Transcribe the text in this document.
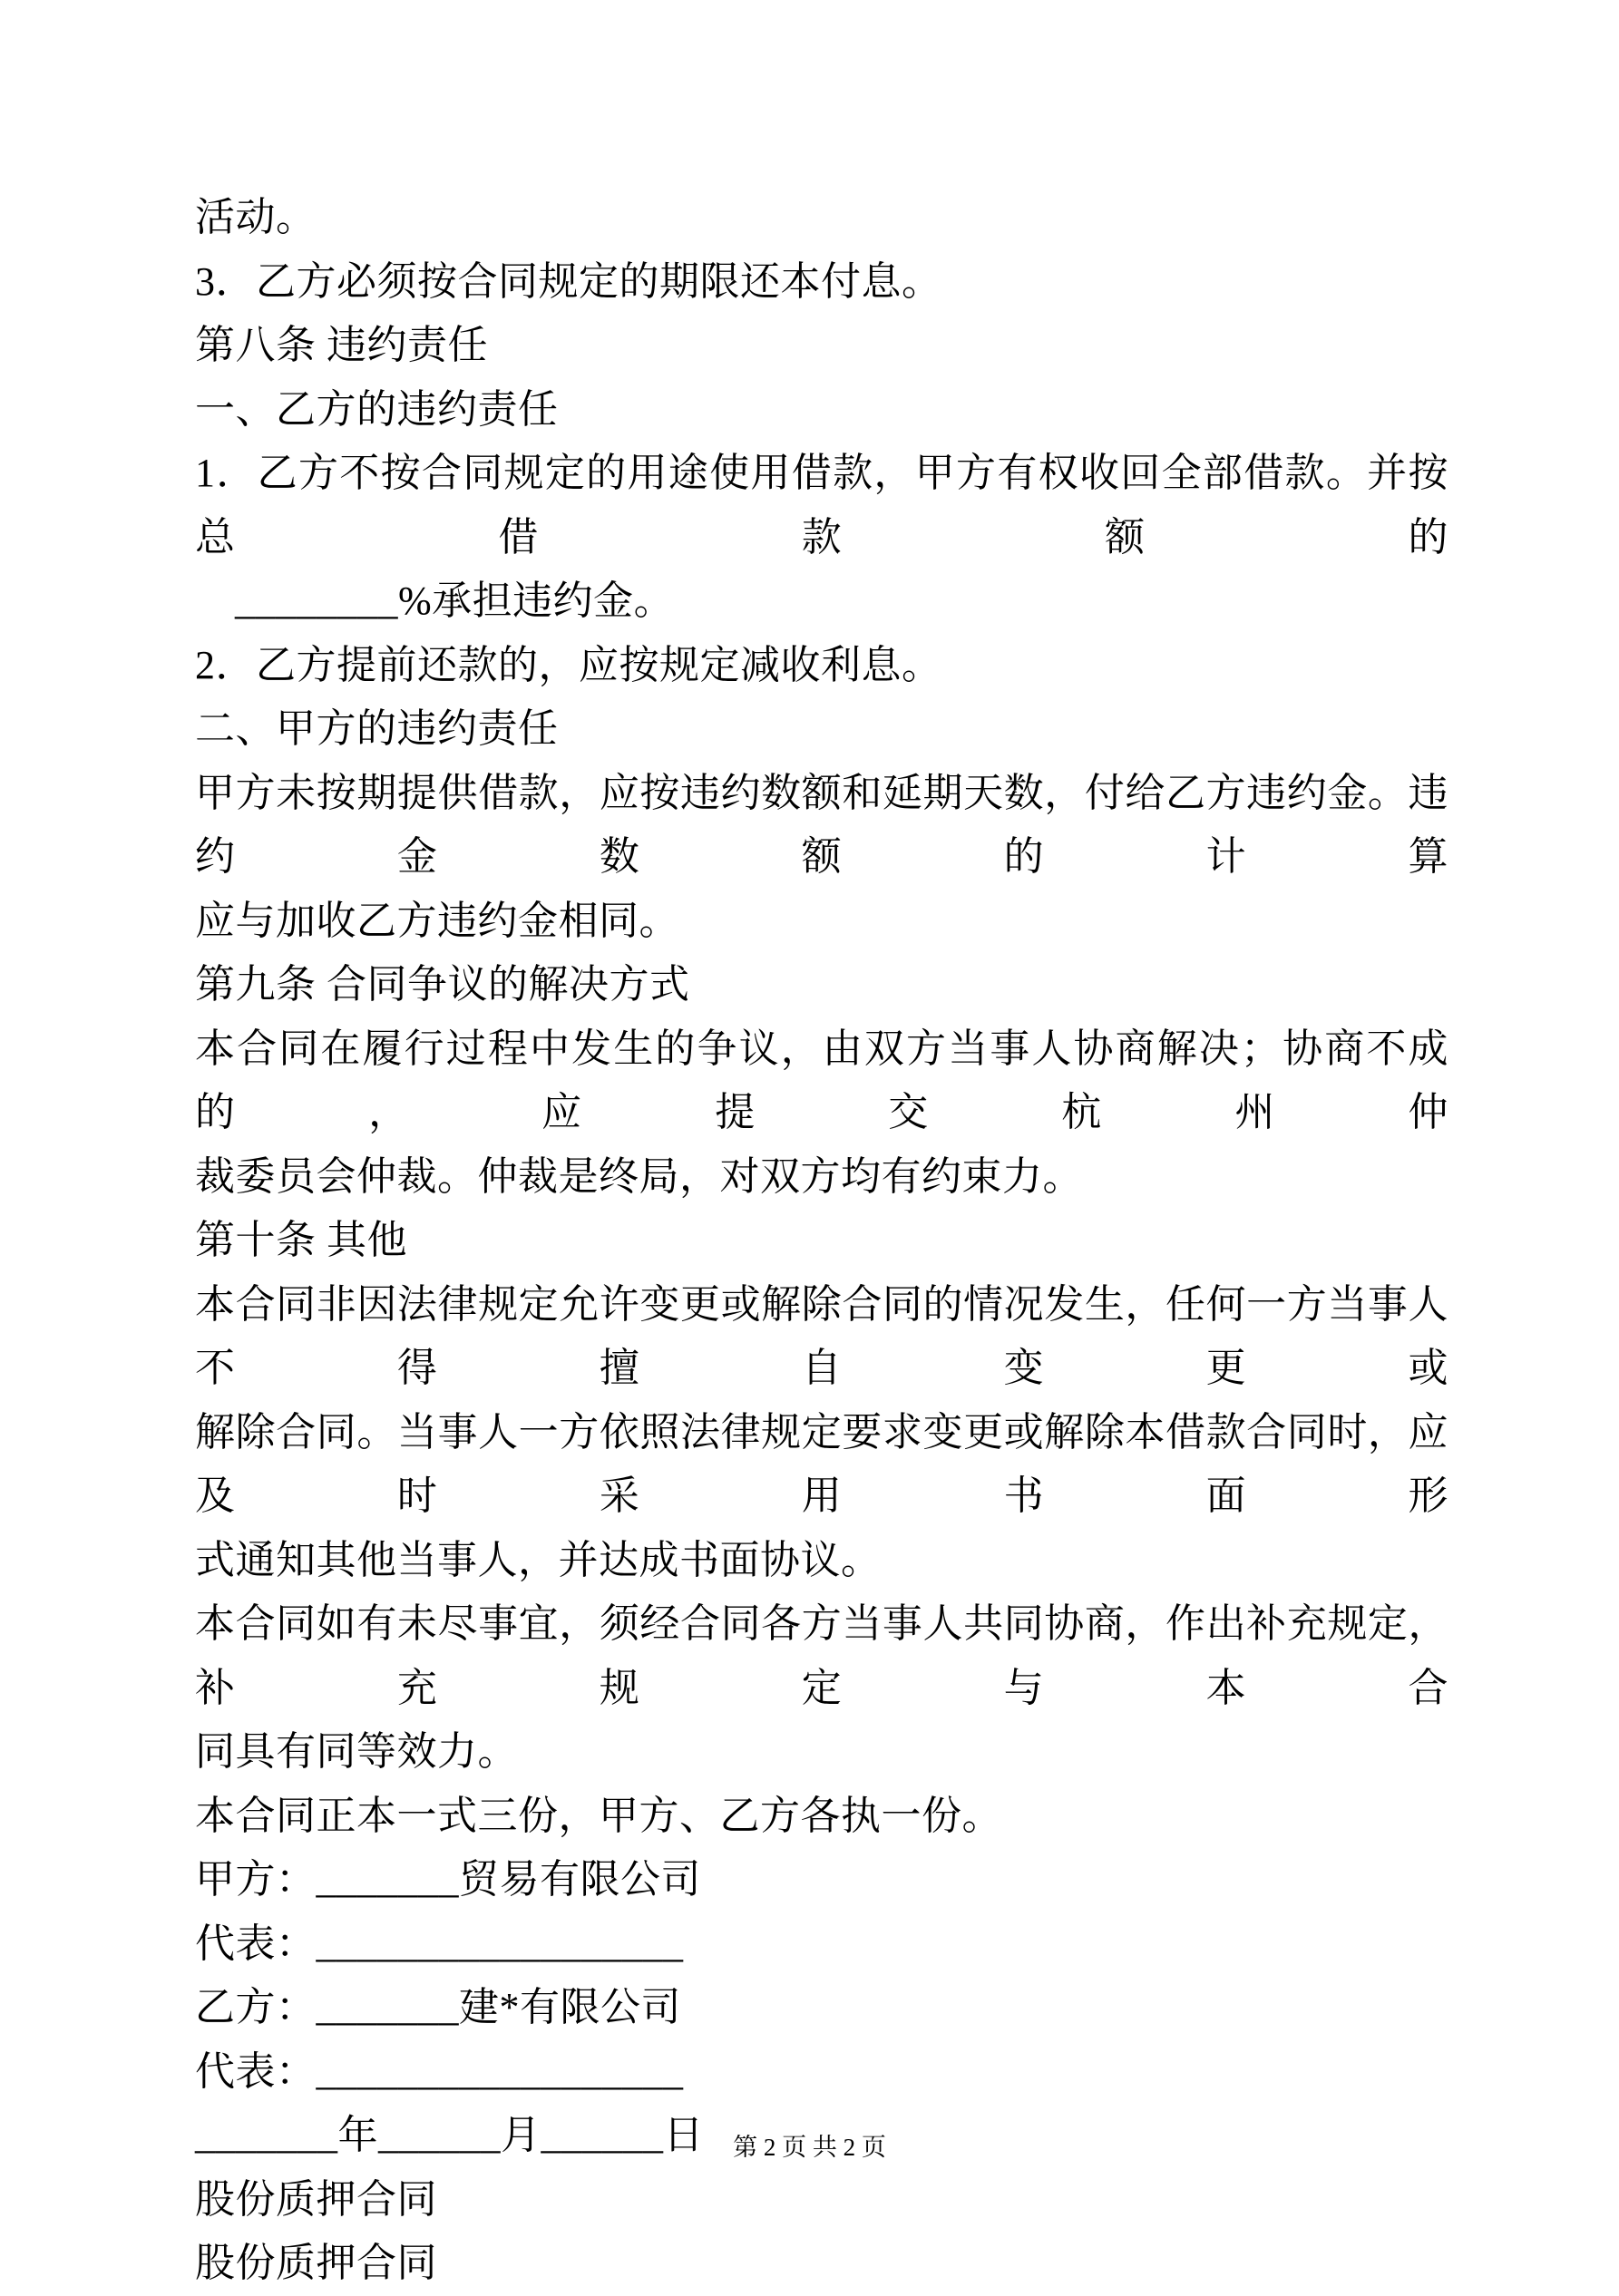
活动。
3．乙方必须按合同规定的期限还本付息。
第八条 违约责任
一、乙方的违约责任
1．乙方不按合同规定的用途使用借款，甲方有权收回全部借款。并按总借款额的
________%承担违约金。
2．乙方提前还款的，应按规定减收利息。
二、甲方的违约责任
甲方未按期提供借款，应按违约数额和延期天数，付给乙方违约金。违约金数额的计算
应与加收乙方违约金相同。
第九条 合同争议的解决方式
本合同在履行过程中发生的争议，由双方当事人协商解决；协商不成的，应提交杭州仲
裁委员会仲裁。仲裁是终局，对双方均有约束力。
第十条 其他
本合同非因法律规定允许变更或解除合同的情况发生，任何一方当事人不得擅自变更或
解除合同。当事人一方依照法律规定要求变更或解除本借款合同时，应及时采用书面形
式通知其他当事人，并达成书面协议。
本合同如有未尽事宜，须经合同各方当事人共同协商，作出补充规定，补充规定与本合
同具有同等效力。
本合同正本一式三份，甲方、乙方各执一份。
甲方：_______贸易有限公司
代表：__________________
乙方：_______建*有限公司
代表：__________________
_______年______月______日
股份质押合同
股份质押合同
第 2 页 共 2 页
